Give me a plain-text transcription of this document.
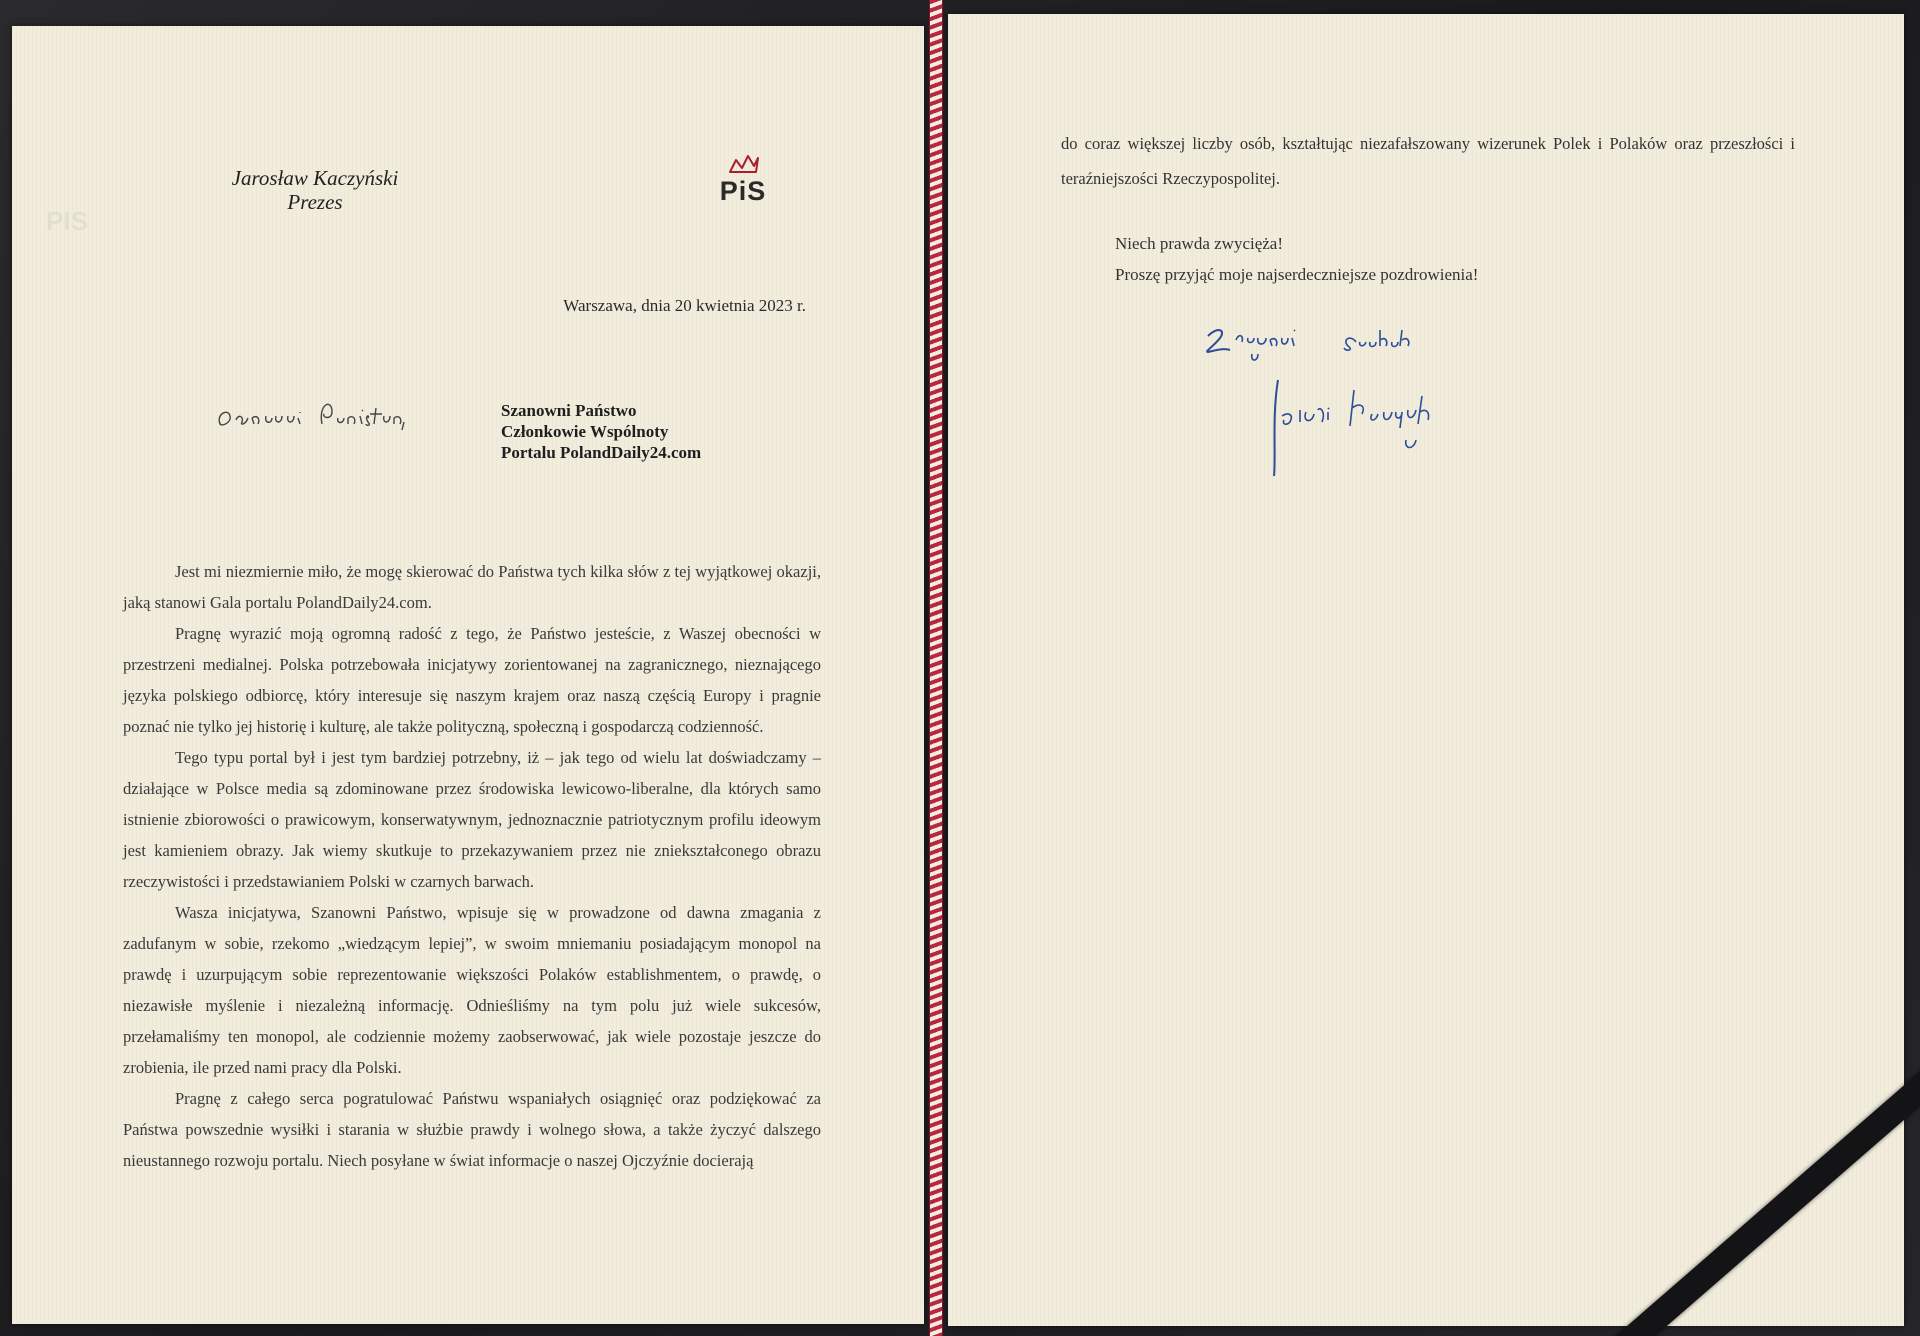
PIS
Jarosław Kaczyński
Prezes	PiS
Warszawa, dnia 20 kwietnia 2023 r.
Szanowni Państwo
Członkowie Wspólnoty
Portalu PolandDaily24.com

Jest mi niezmiernie miło, że mogę skierować do Państwa tych kilka słów z tej wyjątkowej okazji, jaką stanowi Gala portalu PolandDaily24.com.

Pragnę wyrazić moją ogromną radość z tego, że Państwo jesteście, z Waszej obecności w przestrzeni medialnej. Polska potrzebowała inicjatywy zorientowanej na zagranicznego, nieznającego języka polskiego odbiorcę, który interesuje się naszym krajem oraz naszą częścią Europy i pragnie poznać nie tylko jej historię i kulturę, ale także polityczną, społeczną i gospodarczą codzienność.

Tego typu portal był i jest tym bardziej potrzebny, iż – jak tego od wielu lat doświadczamy – działające w Polsce media są zdominowane przez środowiska lewicowo-liberalne, dla których samo istnienie zbiorowości o prawicowym, konserwatywnym, jednoznacznie patriotycznym profilu ideowym jest kamieniem obrazy. Jak wiemy skutkuje to przekazywaniem przez nie zniekształconego obrazu rzeczywistości i przedstawianiem Polski w czarnych barwach.

Wasza inicjatywa, Szanowni Państwo, wpisuje się w prowadzone od dawna zmagania z zadufanym w sobie, rzekomo „wiedzącym lepiej”, w swoim mniemaniu posiadającym monopol na prawdę i uzurpującym sobie reprezentowanie większości Polaków establishmentem, o prawdę, o niezawisłe myślenie i niezależną informację. Odnieśliśmy na tym polu już wiele sukcesów, przełamaliśmy ten monopol, ale codziennie możemy zaobserwować, jak wiele pozostaje jeszcze do zrobienia, ile przed nami pracy dla Polski.

Pragnę z całego serca pogratulować Państwu wspaniałych osiągnięć oraz podziękować za Państwa powszednie wysiłki i starania w służbie prawdy i wolnego słowa, a także życzyć dalszego nieustannego rozwoju portalu. Niech posyłane w świat informacje o naszej Ojczyźnie docierają

do coraz większej liczby osób, kształtując niezafałszowany wizerunek Polek i Polaków oraz przeszłości i teraźniejszości Rzeczypospolitej.

Niech prawda zwycięża!
Proszę przyjąć moje najserdeczniejsze pozdrowienia!
